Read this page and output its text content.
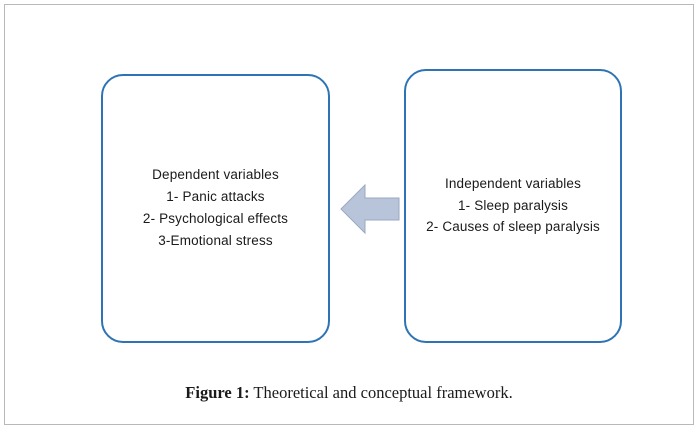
Dependent variables
1- Panic attacks
2- Psychological effects
3-Emotional stress
Independent variables
1- Sleep paralysis
2- Causes of sleep paralysis
Figure 1: Theoretical and conceptual framework.
